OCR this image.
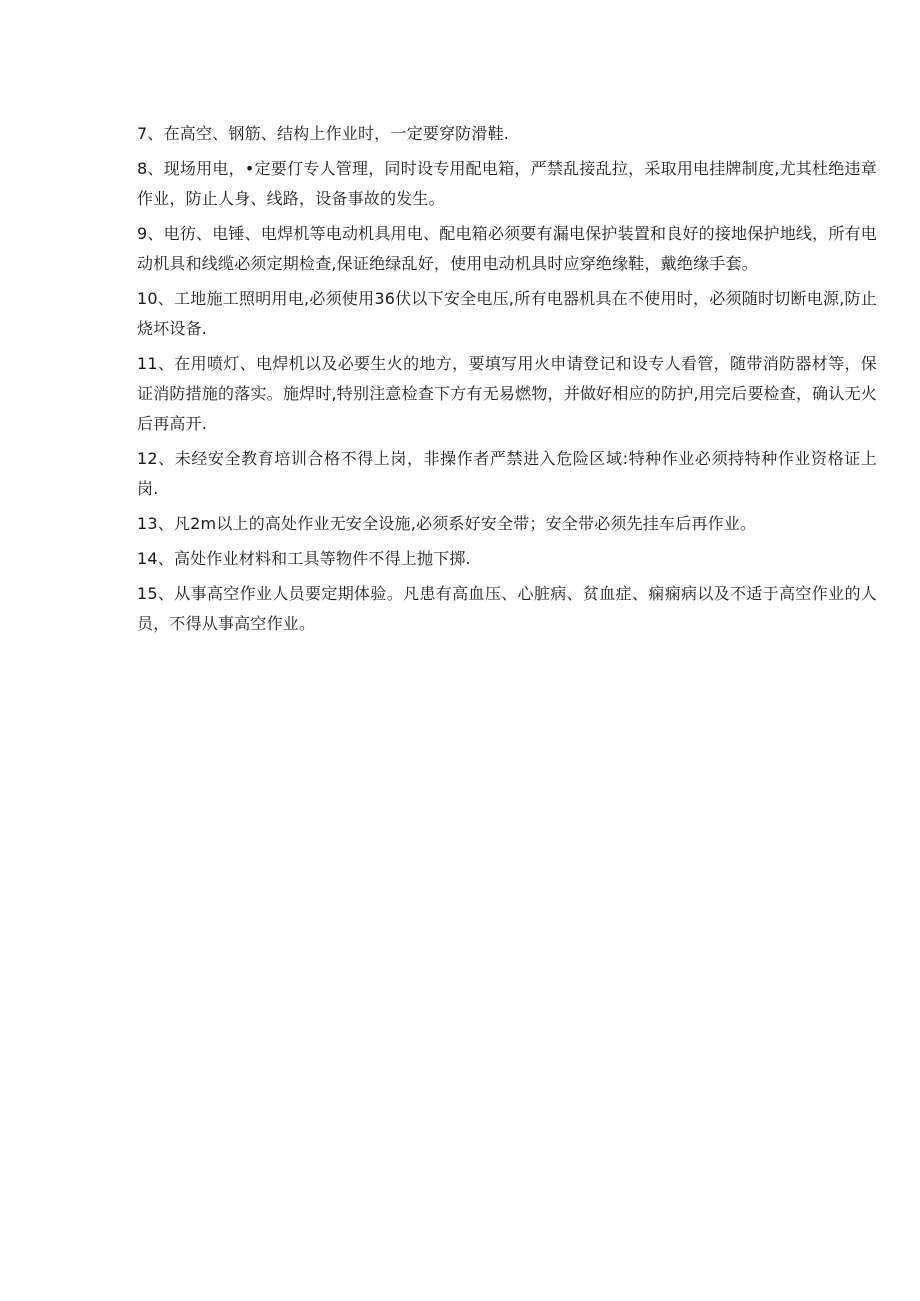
7、在高空、钢筋、结构上作业时，一定要穿防滑鞋.

8、现场用电，•定要仃专人管理，同时设专用配电箱，严禁乱接乱拉，采取用电挂牌制度,尤其杜绝违章作业，防止人身、线路，设备事故的发生。

9、电彷、电锤、电焊机等电动机具用电、配电箱必须要有漏电保护装置和良好的接地保护地线，所有电动机具和线缆必须定期检查,保证绝绿乱好，使用电动机具时应穿绝缘鞋，戴绝缘手套。

10、工地施工照明用电,必须使用36伏以下安全电压,所有电器机具在不使用时，必须随时切断电源,防止烧坏设备.

11、在用喷灯、电焊机以及必要生火的地方，要填写用火申请登记和设专人看管，随带消防器材等，保证消防措施的落实。施焊时,特别注意检查下方有无易燃物，并做好相应的防护,用完后要检查，确认无火后再高开.

12、未经安全教育培训合格不得上岗，非操作者严禁进入危险区域:特种作业必须持特种作业资格证上岗.

13、凡2m以上的高处作业无安全设施,必须系好安全带；安全带必须先挂车后再作业。

14、高处作业材料和工具等物件不得上抛下掷.

15、从事高空作业人员要定期体验。凡患有高血压、心脏病、贫血症、痫痫病以及不适于高空作业的人员，不得从事高空作业。
